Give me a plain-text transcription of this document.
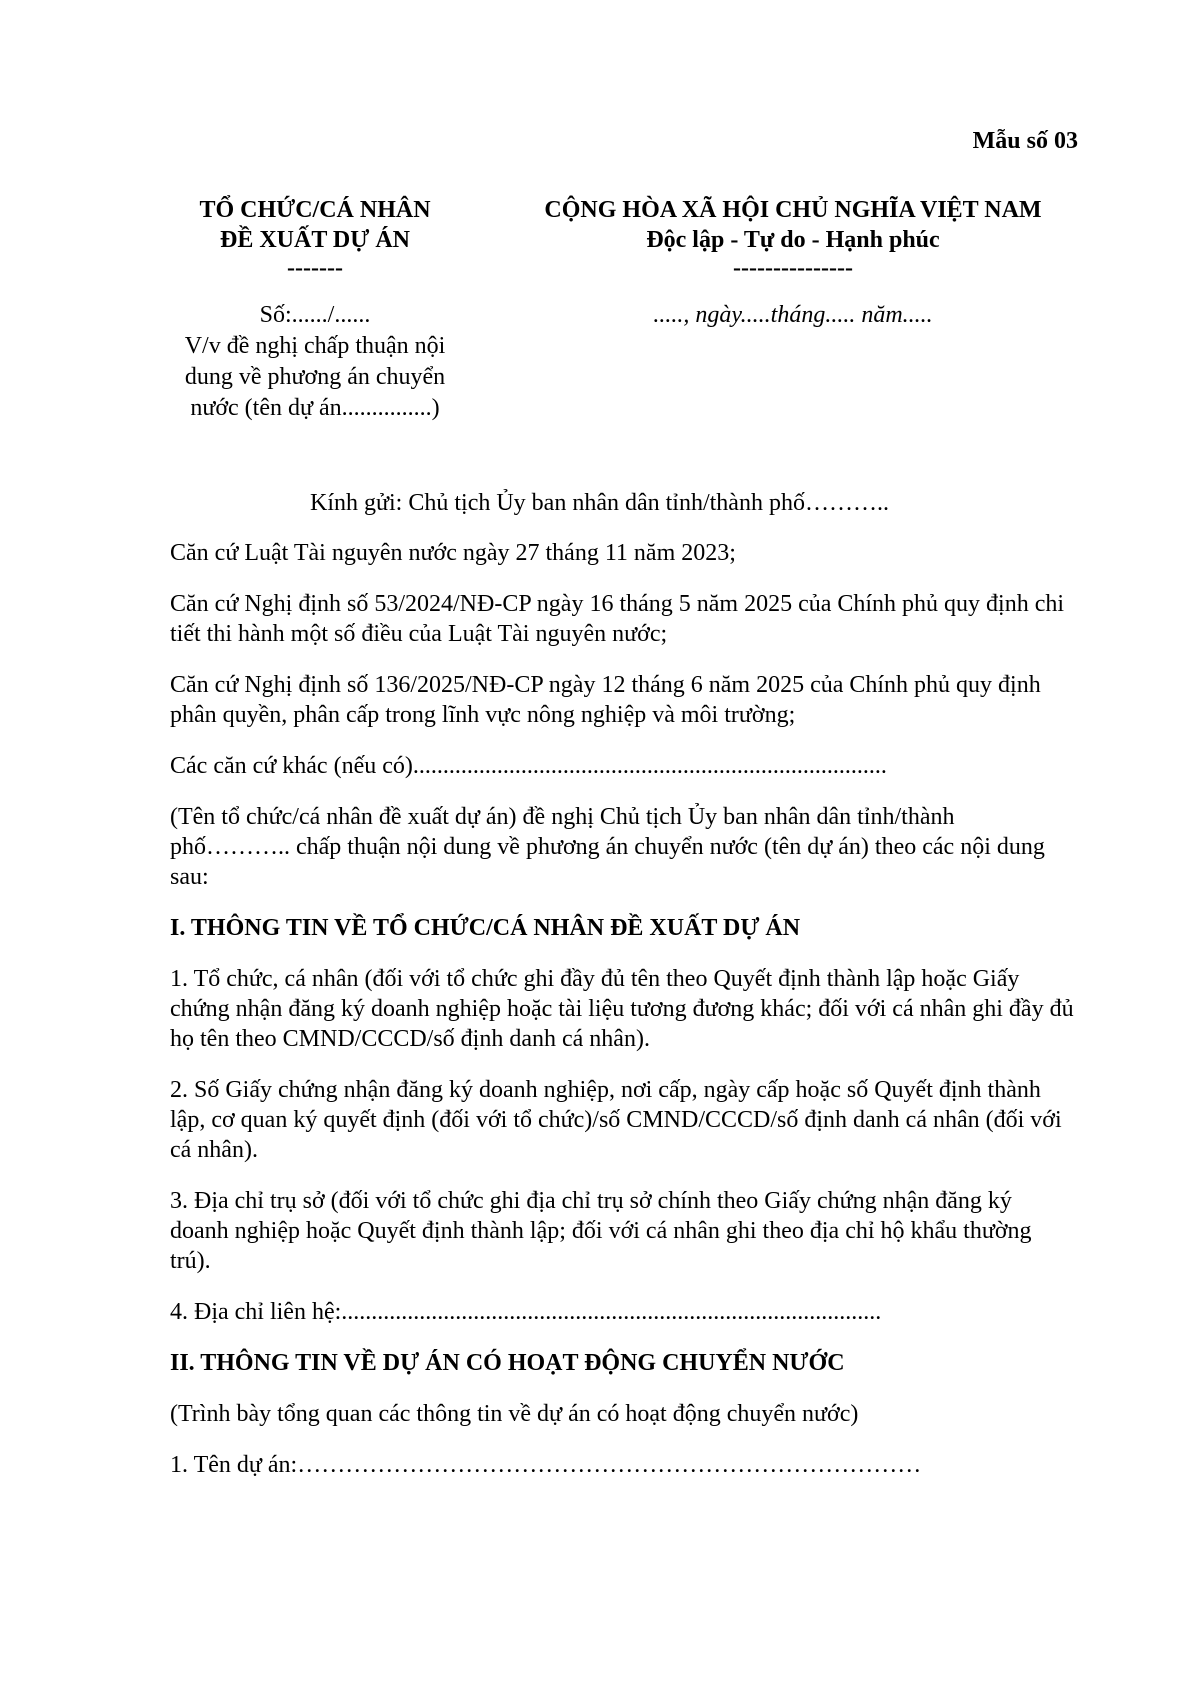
Mẫu số 03
TỔ CHỨC/CÁ NHÂN
ĐỀ XUẤT DỰ ÁN
-------
CỘNG HÒA XÃ HỘI CHỦ NGHĨA VIỆT NAM
Độc lập - Tự do - Hạnh phúc
---------------
Số:....../......
V/v đề nghị chấp thuận nội
dung về phương án chuyển
nước (tên dự án...............)
....., ngày.....tháng..... năm.....

Kính gửi: Chủ tịch Ủy ban nhân dân tỉnh/thành phố………..

Căn cứ Luật Tài nguyên nước ngày 27 tháng 11 năm 2023;

Căn cứ Nghị định số 53/2024/NĐ-CP ngày 16 tháng 5 năm 2025 của Chính phủ quy định chi tiết thi hành một số điều của Luật Tài nguyên nước;

Căn cứ Nghị định số 136/2025/NĐ-CP ngày 12 tháng 6 năm 2025 của Chính phủ quy định phân quyền, phân cấp trong lĩnh vực nông nghiệp và môi trường;

Các căn cứ khác (nếu có)...............................................................................

(Tên tổ chức/cá nhân đề xuất dự án) đề nghị Chủ tịch Ủy ban nhân dân tỉnh/thành phố……….. chấp thuận nội dung về phương án chuyển nước (tên dự án) theo các nội dung sau:

I. THÔNG TIN VỀ TỔ CHỨC/CÁ NHÂN ĐỀ XUẤT DỰ ÁN

1. Tổ chức, cá nhân (đối với tổ chức ghi đầy đủ tên theo Quyết định thành lập hoặc Giấy chứng nhận đăng ký doanh nghiệp hoặc tài liệu tương đương khác; đối với cá nhân ghi đầy đủ họ tên theo CMND/CCCD/số định danh cá nhân).

2. Số Giấy chứng nhận đăng ký doanh nghiệp, nơi cấp, ngày cấp hoặc số Quyết định thành lập, cơ quan ký quyết định (đối với tổ chức)/số CMND/CCCD/số định danh cá nhân (đối với cá nhân).

3. Địa chỉ trụ sở (đối với tổ chức ghi địa chỉ trụ sở chính theo Giấy chứng nhận đăng ký doanh nghiệp hoặc Quyết định thành lập; đối với cá nhân ghi theo địa chỉ hộ khẩu thường trú).

4. Địa chỉ liên hệ:..........................................................................................

II. THÔNG TIN VỀ DỰ ÁN CÓ HOẠT ĐỘNG CHUYỂN NƯỚC

(Trình bày tổng quan các thông tin về dự án có hoạt động chuyển nước)

1. Tên dự án:……………………………………………………………………
